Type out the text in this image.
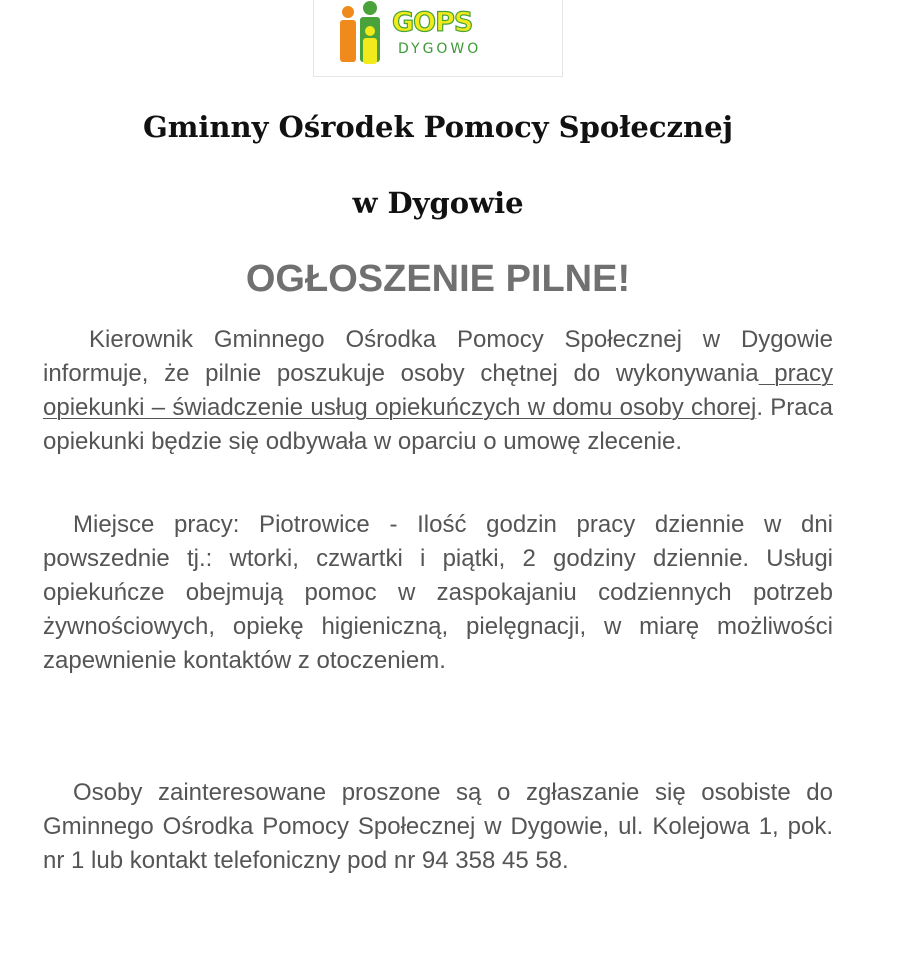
GOPS
DYGOWO
Gminny Ośrodek Pomocy Społecznej
w Dygowie
OGŁOSZENIE PILNE!

Kierownik Gminnego Ośrodka Pomocy Społecznej w Dygowie informuje, że pilnie poszukuje osoby chętnej do wykonywania pracy opiekunki – świadczenie usług opiekuńczych w domu osoby chorej. Praca opiekunki będzie się odbywała w oparciu o umowę zlecenie.

Miejsce pracy: Piotrowice - Ilość godzin pracy dziennie w dni powszednie tj.: wtorki, czwartki i piątki, 2 godziny dziennie. Usługi opiekuńcze obejmują pomoc w zaspokajaniu codziennych potrzeb żywnościowych, opiekę higieniczną, pielęgnacji, w miarę możliwości zapewnienie kontaktów z otoczeniem.

Osoby zainteresowane proszone są o zgłaszanie się osobiste do Gminnego Ośrodka Pomocy Społecznej w Dygowie, ul. Kolejowa 1, pok. nr 1 lub kontakt telefoniczny pod nr 94 358 45 58.
